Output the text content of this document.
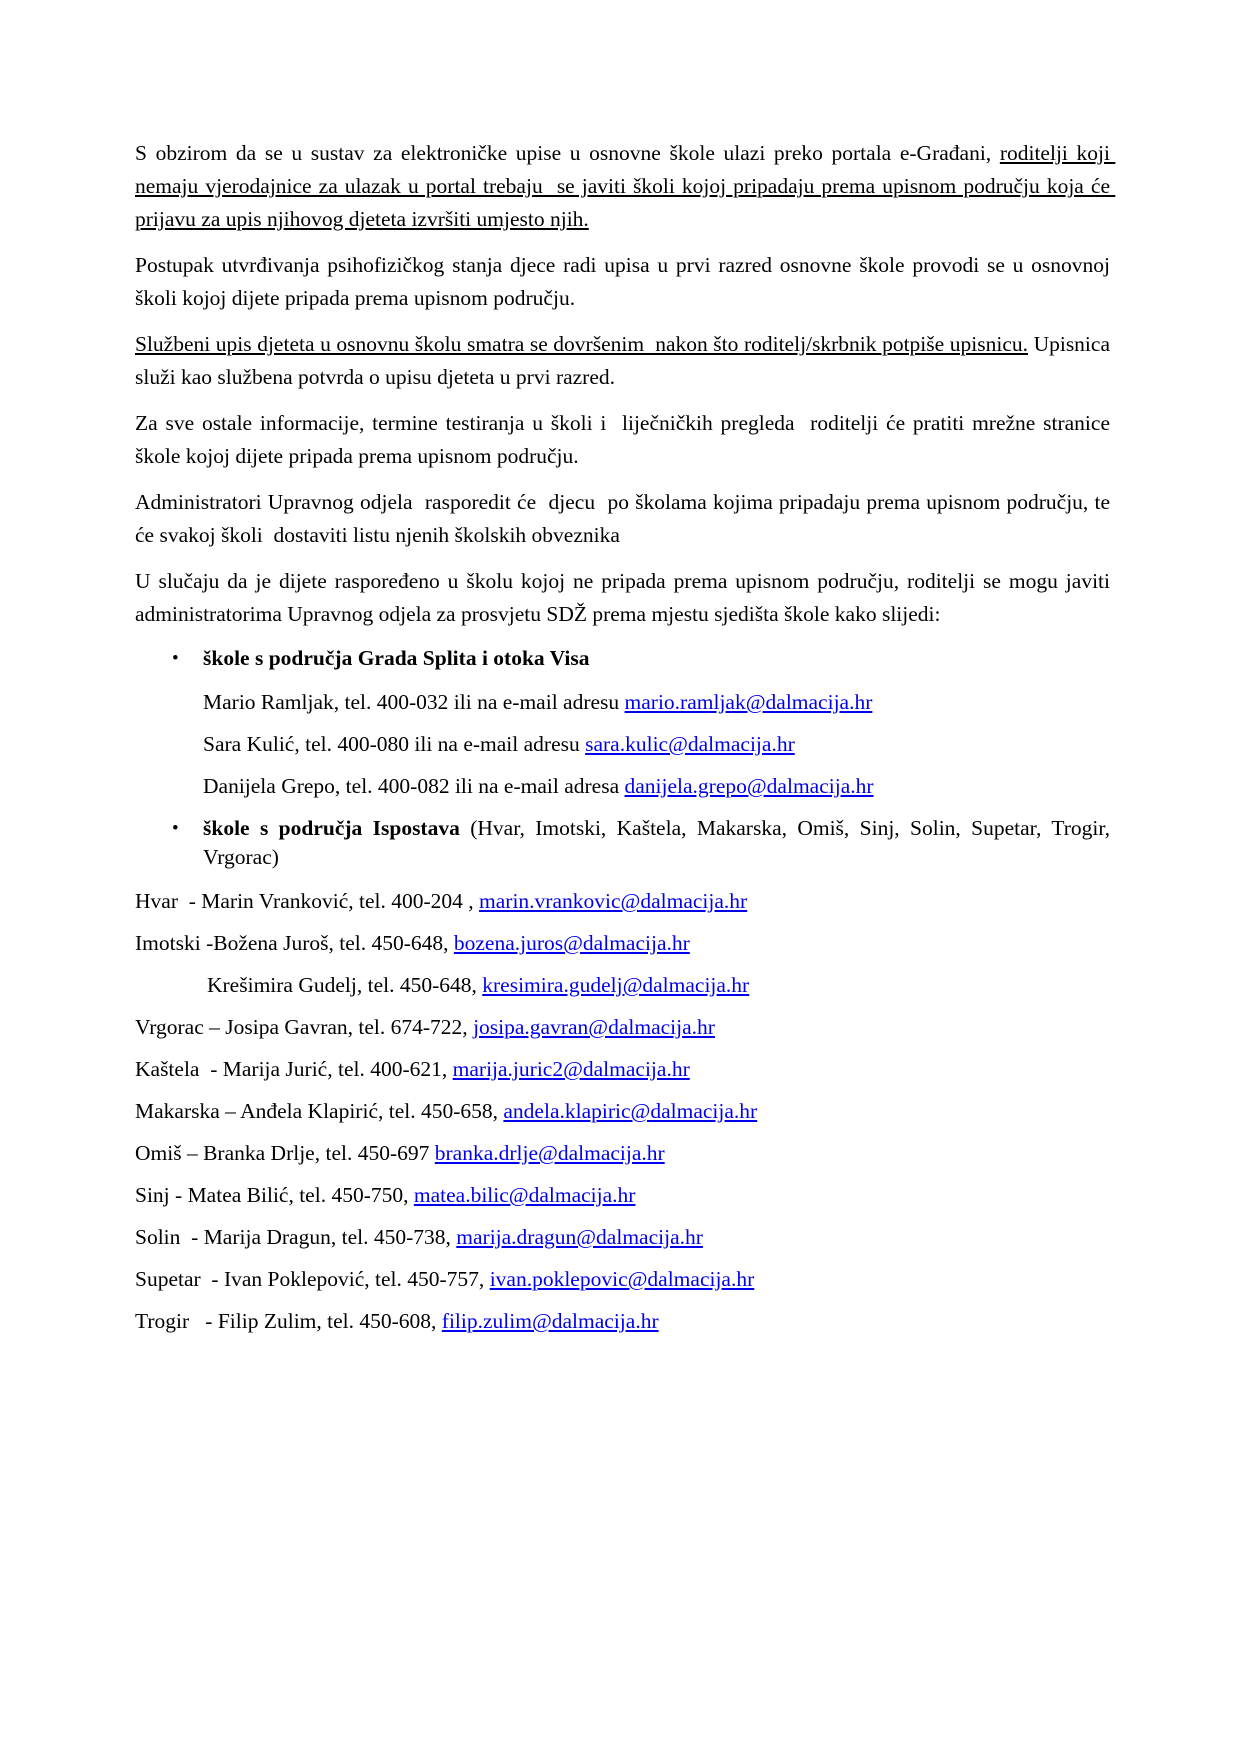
S obzirom da se u sustav za elektroničke upise u osnovne škole ulazi preko portala e-Građani, roditelji koji nemaju vjerodajnice za ulazak u portal trebaju  se javiti školi kojoj pripadaju prema upisnom području koja će prijavu za upis njihovog djeteta izvršiti umjesto njih.

Postupak utvrđivanja psihofizičkog stanja djece radi upisa u prvi razred osnovne škole provodi se u osnovnoj školi kojoj dijete pripada prema upisnom području.

Službeni upis djeteta u osnovnu školu smatra se dovršenim  nakon što roditelj/skrbnik potpiše upisnicu. Upisnica služi kao službena potvrda o upisu djeteta u prvi razred.

Za sve ostale informacije, termine testiranja u školi i  liječničkih pregleda  roditelji će pratiti mrežne stranice škole kojoj dijete pripada prema upisnom području.

Administratori Upravnog odjela  rasporedit će  djecu  po školama kojima pripadaju prema upisnom području, te će svakoj školi  dostaviti listu njenih školskih obveznika

U slučaju da je dijete raspoređeno u školu kojoj ne pripada prema upisnom području, roditelji se mogu javiti administratorima Upravnog odjela za prosvjetu SDŽ prema mjestu sjedišta škole kako slijedi:

•	škole s područja Grada Splita i otoka Visa

Mario Ramljak, tel. 400-032 ili na e-mail adresu mario.ramljak@dalmacija.hr

Sara Kulić, tel. 400-080 ili na e-mail adresu sara.kulic@dalmacija.hr

Danijela Grepo, tel. 400-082 ili na e-mail adresa danijela.grepo@dalmacija.hr

•	škole s područja Ispostava (Hvar, Imotski, Kaštela, Makarska, Omiš, Sinj, Solin, Supetar, Trogir, Vrgorac)

Hvar  - Marin Vranković, tel. 400-204 , marin.vrankovic@dalmacija.hr

Imotski -Božena Juroš, tel. 450-648, bozena.juros@dalmacija.hr

Krešimira Gudelj, tel. 450-648, kresimira.gudelj@dalmacija.hr

Vrgorac – Josipa Gavran, tel. 674-722, josipa.gavran@dalmacija.hr

Kaštela  - Marija Jurić, tel. 400-621, marija.juric2@dalmacija.hr

Makarska – Anđela Klapirić, tel. 450-658, andela.klapiric@dalmacija.hr

Omiš – Branka Drlje, tel. 450-697 branka.drlje@dalmacija.hr

Sinj - Matea Bilić, tel. 450-750, matea.bilic@dalmacija.hr

Solin  - Marija Dragun, tel. 450-738, marija.dragun@dalmacija.hr

Supetar  - Ivan Poklepović, tel. 450-757, ivan.poklepovic@dalmacija.hr

Trogir   - Filip Zulim, tel. 450-608, filip.zulim@dalmacija.hr
